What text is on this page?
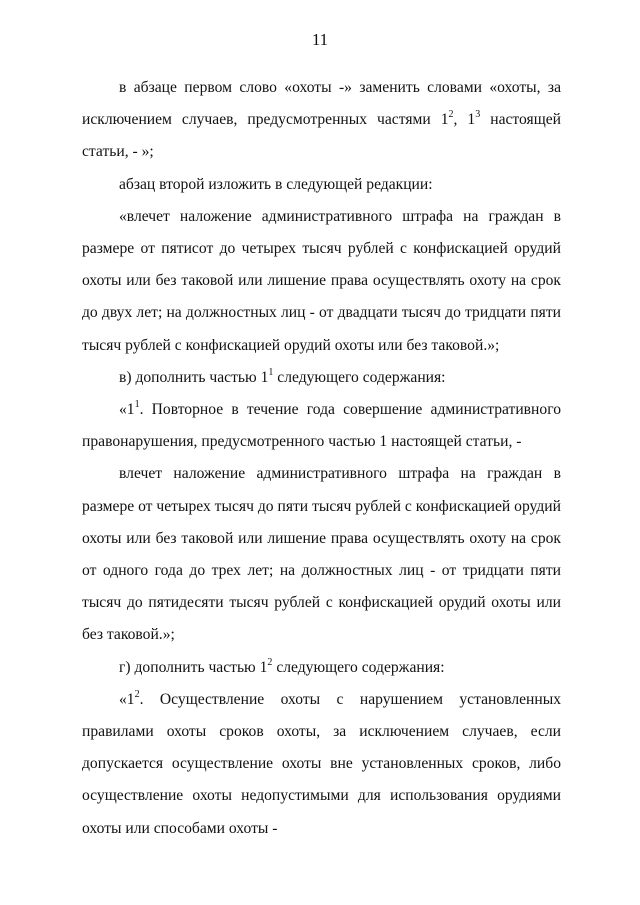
11

в абзаце первом слово «охоты -» заменить словами «охоты, за исключением случаев, предусмотренных частями $1^2$, $1^3$ настоящей статьи, - »;

абзац второй изложить в следующей редакции:

«влечет наложение административного штрафа на граждан в размере от пятисот до четырех тысяч рублей с конфискацией орудий охоты или без таковой или лишение права осуществлять охоту на срок до двух лет; на должностных лиц - от двадцати тысяч до тридцати пяти тысяч рублей с конфискацией орудий охоты или без таковой.»;

в) дополнить частью $1^1$ следующего содержания:

«$1^1$. Повторное в течение года совершение административного правонарушения, предусмотренного частью 1 настоящей статьи, -

влечет наложение административного штрафа на граждан в размере от четырех тысяч до пяти тысяч рублей с конфискацией орудий охоты или без таковой или лишение права осуществлять охоту на срок от одного года до трех лет; на должностных лиц - от тридцати пяти тысяч до пятидесяти тысяч рублей с конфискацией орудий охоты или без таковой.»;

г) дополнить частью $1^2$ следующего содержания:

«$1^2$. Осуществление охоты с нарушением установленных правилами охоты сроков охоты, за исключением случаев, если допускается осуществление охоты вне установленных сроков, либо осуществление охоты недопустимыми для использования орудиями охоты или способами охоты -
